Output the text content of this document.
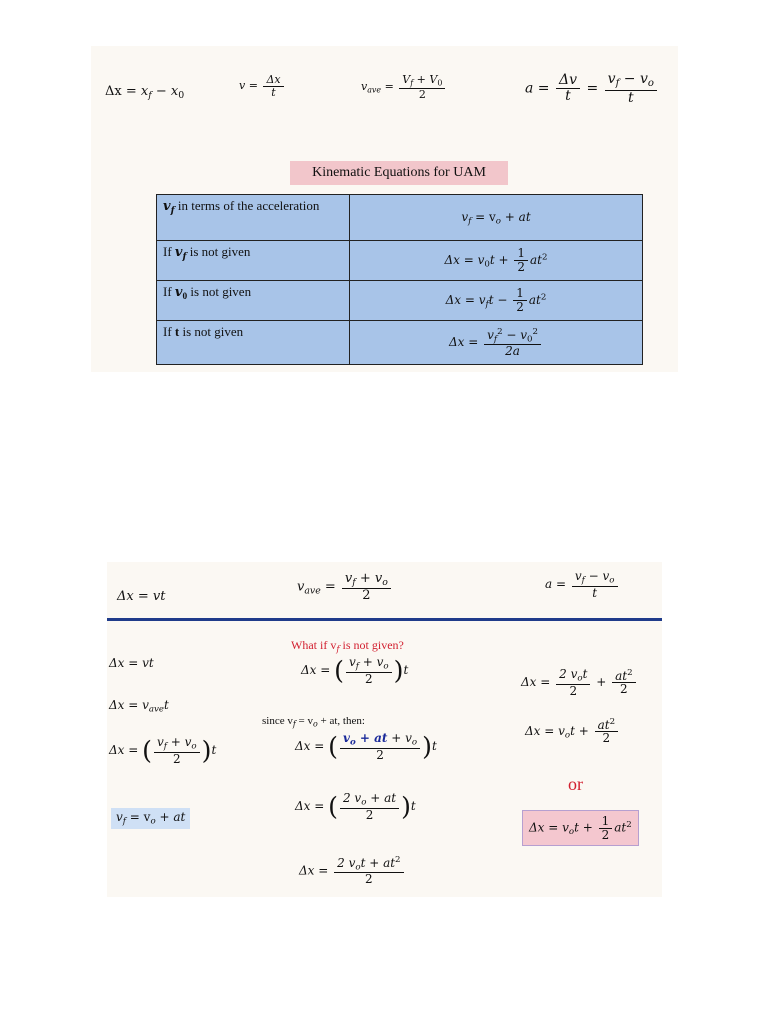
$\Delta x = x_f - x_0$
$v = \frac{\Delta x}{t}$	$v_{ave} = \frac{V_f + V_0}{2}$	$a = \frac{\Delta v}{t} = \frac{v_f - v_o}{t}$
Kinematic Equations for UAM
$v_f$ in terms of the acceleration	$v_f = v_o$ + at
If $v_f$ is not given	$\Delta x = v_0t + \frac{1}{2} at^2$
If $v_0$ is not given	$\Delta x = v_ft - \frac{1}{2} at^2$
If t is not given	$\Delta x = \frac{v_f^2 - v_0^2}{2a}$
Δx = vt
$v_{ave} = \frac{v_f + v_o}{2}$	$a = \frac{v_f - v_o}{t}$
What if $v_f$ is not given?
Δx = vt
$\Delta x = v_{ave}t$
Δx = ( $\frac{v_f + v_o}{2} )t$
$v_f = v_o$ + at
Δx = ( $\frac{v_f + v_o}{2} )t$
since $v_f = v_o$ + at, then:
Δx = ( $\frac{v_o + at + v_o}{2} )t$
Δx = ( $\frac{2 v_o + at}{2} )t$
$\Delta x = \frac{2 v_ot + at^2}{2}$
$\Delta x = \frac{2 v_ot}{2} + \frac{at^2}{2}$
$\Delta x = v_ot + \frac{at^2}{2}$
or
$\Delta x = v_ot + \frac{1}{2} at^2$
